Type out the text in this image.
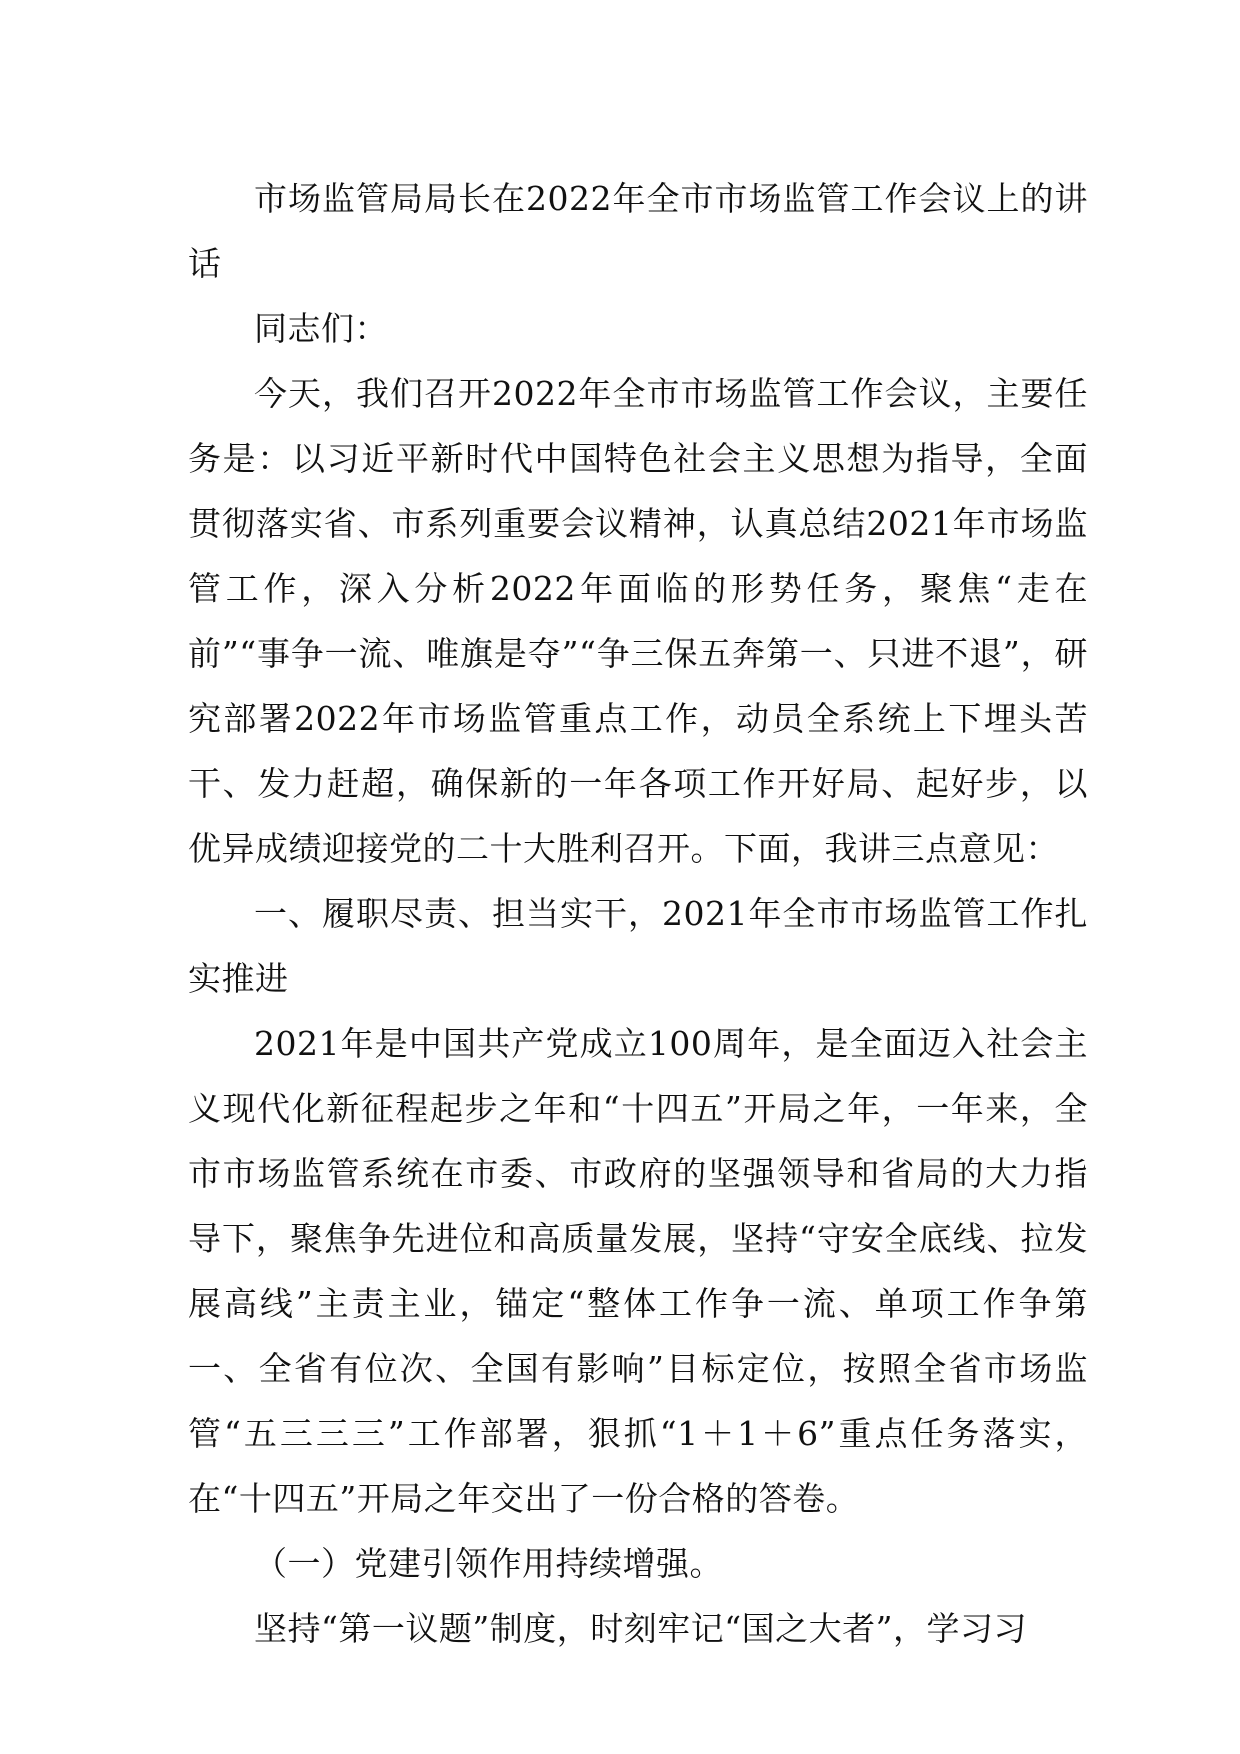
市场监管局局长在2022年全市市场监管工作会议上的讲话

同志们：

今天，我们召开2022年全市市场监管工作会议，主要任务是：以习近平新时代中国特色社会主义思想为指导，全面贯彻落实省、市系列重要会议精神，认真总结2021年市场监管工作，深入分析2022年面临的形势任务，聚焦“走在前”“事争一流、唯旗是夺”“争三保五奔第一、只进不退”，研究部署2022年市场监管重点工作，动员全系统上下埋头苦干、发力赶超，确保新的一年各项工作开好局、起好步，以优异成绩迎接党的二十大胜利召开。下面，我讲三点意见：

一、履职尽责、担当实干，2021年全市市场监管工作扎实推进

2021年是中国共产党成立100周年，是全面迈入社会主义现代化新征程起步之年和“十四五”开局之年，一年来，全市市场监管系统在市委、市政府的坚强领导和省局的大力指导下，聚焦争先进位和高质量发展，坚持“守安全底线、拉发展高线”主责主业，锚定“整体工作争一流、单项工作争第一、全省有位次、全国有影响”目标定位，按照全省市场监管“五三三三”工作部署，狠抓“1＋1＋6”重点任务落实，在“十四五”开局之年交出了一份合格的答卷。

（一）党建引领作用持续增强。

坚持“第一议题”制度，时刻牢记“国之大者”，学习习
